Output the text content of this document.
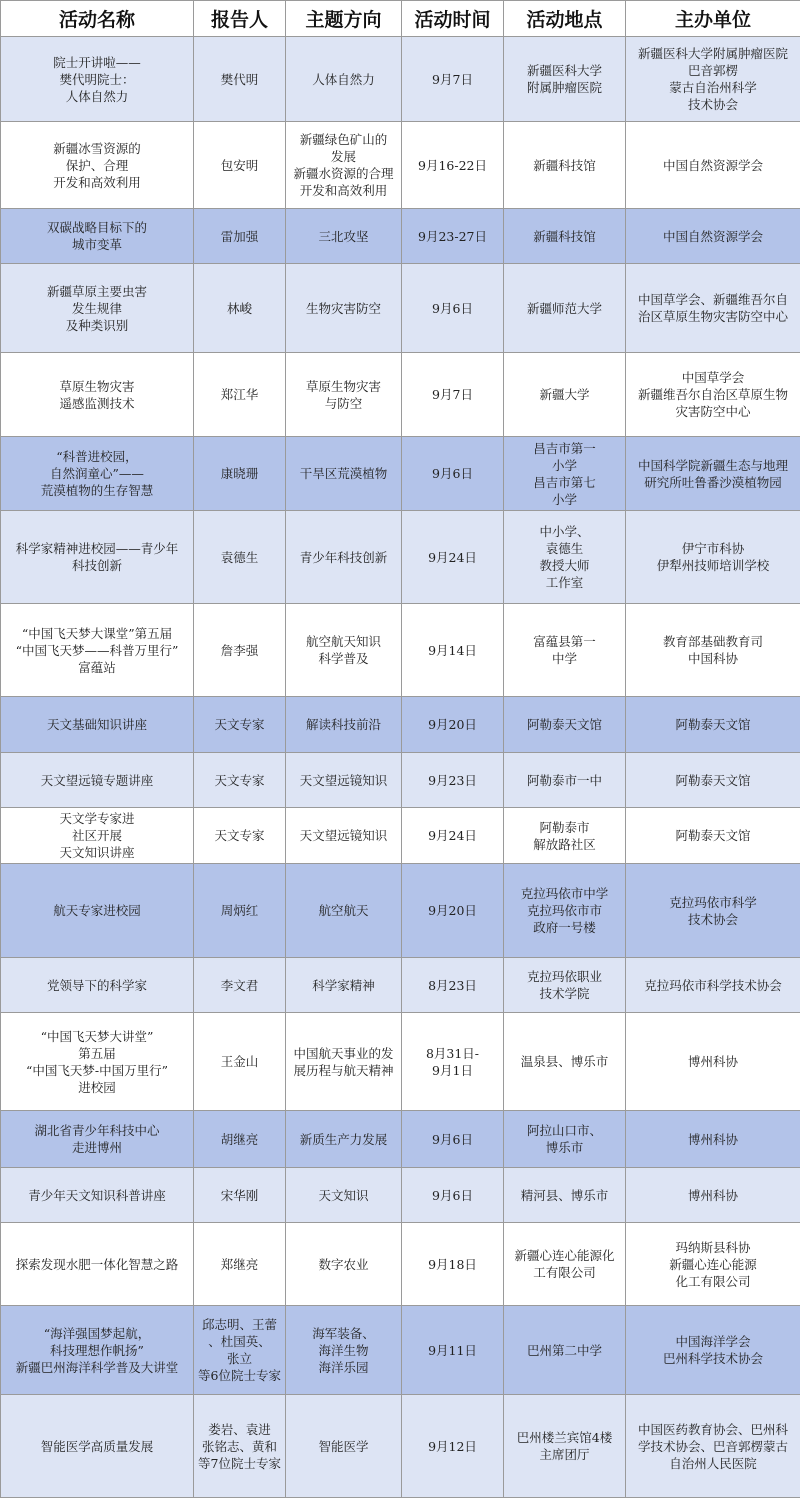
活动名称	报告人	主题方向	活动时间	活动地点	主办单位

院士开讲啦——
樊代明院士：
人体自然力	樊代明	人体自然力	9月7日	新疆医科大学
附属肿瘤医院	新疆医科大学附属肿瘤医院
巴音郭楞
蒙古自治州科学
技术协会

新疆冰雪资源的
保护、合理
开发和高效利用	包安明	新疆绿色矿山的
发展
新疆水资源的合理
开发和高效利用	9月16-22日	新疆科技馆	中国自然资源学会

双碳战略目标下的
城市变革	雷加强	三北攻坚	9月23-27日	新疆科技馆	中国自然资源学会

新疆草原主要虫害
发生规律
及种类识别	林峻	生物灾害防空	9月6日	新疆师范大学	中国草学会、新疆维吾尔自
治区草原生物灾害防空中心

草原生物灾害
遥感监测技术	郑江华	草原生物灾害
与防空	9月7日	新疆大学	中国草学会
新疆维吾尔自治区草原生物
灾害防空中心

“科普进校园，
自然润童心”——
荒漠植物的生存智慧	康晓珊	干旱区荒漠植物	9月6日	昌吉市第一
小学
昌吉市第七
小学	中国科学院新疆生态与地理
研究所吐鲁番沙漠植物园

科学家精神进校园——青少年
科技创新	袁德生	青少年科技创新	9月24日	中小学、
袁德生
教授大师
工作室	伊宁市科协
伊犁州技师培训学校

“中国飞天梦大课堂”第五届
“中国飞天梦——科普万里行”
富蕴站	詹李强	航空航天知识
科学普及	9月14日	富蕴县第一
中学	教育部基础教育司
中国科协

天文基础知识讲座	天文专家	解读科技前沿	9月20日	阿勒泰天文馆	阿勒泰天文馆

天文望远镜专题讲座	天文专家	天文望远镜知识	9月23日	阿勒泰市一中	阿勒泰天文馆

天文学专家进
社区开展
天文知识讲座	天文专家	天文望远镜知识	9月24日	阿勒泰市
解放路社区	阿勒泰天文馆

航天专家进校园	周炳红	航空航天	9月20日	克拉玛依市中学
克拉玛依市市
政府一号楼	克拉玛依市科学
技术协会

党领导下的科学家	李文君	科学家精神	8月23日	克拉玛依职业
技术学院	克拉玛依市科学技术协会

“中国飞天梦大讲堂”
第五届
“中国飞天梦-中国万里行”
进校园	王金山	中国航天事业的发
展历程与航天精神	8月31日-
9月1日	温泉县、博乐市	博州科协

湖北省青少年科技中心
走进博州	胡继亮	新质生产力发展	9月6日	阿拉山口市、
博乐市	博州科协

青少年天文知识科普讲座	宋华刚	天文知识	9月6日	精河县、博乐市	博州科协

探索发现水肥一体化智慧之路	郑继亮	数字农业	9月18日	新疆心连心能源化
工有限公司	玛纳斯县科协
新疆心连心能源
化工有限公司

“海洋强国梦起航，
科技理想作帆扬”
新疆巴州海洋科学普及大讲堂	邱志明、王蕾
、杜国英、
张立
等6位院士专家	海军装备、
海洋生物
海洋乐园	9月11日	巴州第二中学	中国海洋学会
巴州科学技术协会

智能医学高质量发展	娄岩、袁进
张铭志、黄和
等7位院士专家	智能医学	9月12日	巴州楼兰宾馆4楼
主席团厅	中国医药教育协会、巴州科
学技术协会、巴音郭楞蒙古
自治州人民医院
